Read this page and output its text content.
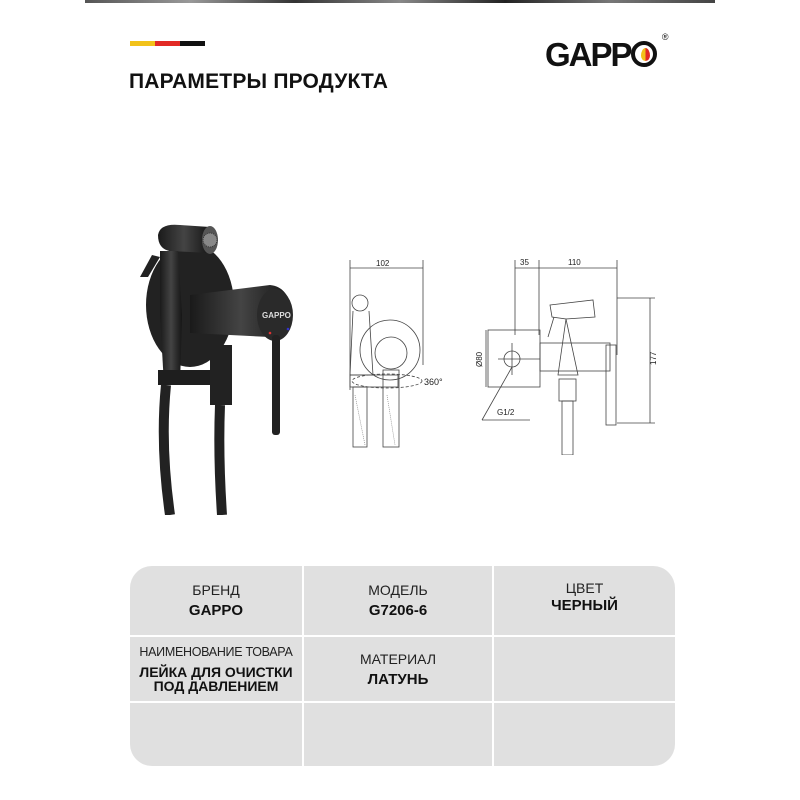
ПАРАМЕТРЫ ПРОДУКТА
GAPP	®
GAPPO
102
360°
35	110
177
Ø80
G1/2
БРЕНД
GAPPO
МОДЕЛЬ
G7206-6
ЦВЕТ
ЧЕРНЫЙ
НАИМЕНОВАНИЕ ТОВАРА
ЛЕЙКА ДЛЯ ОЧИСТКИ ПОД ДАВЛЕНИЕМ
МАТЕРИАЛ
ЛАТУНЬ
